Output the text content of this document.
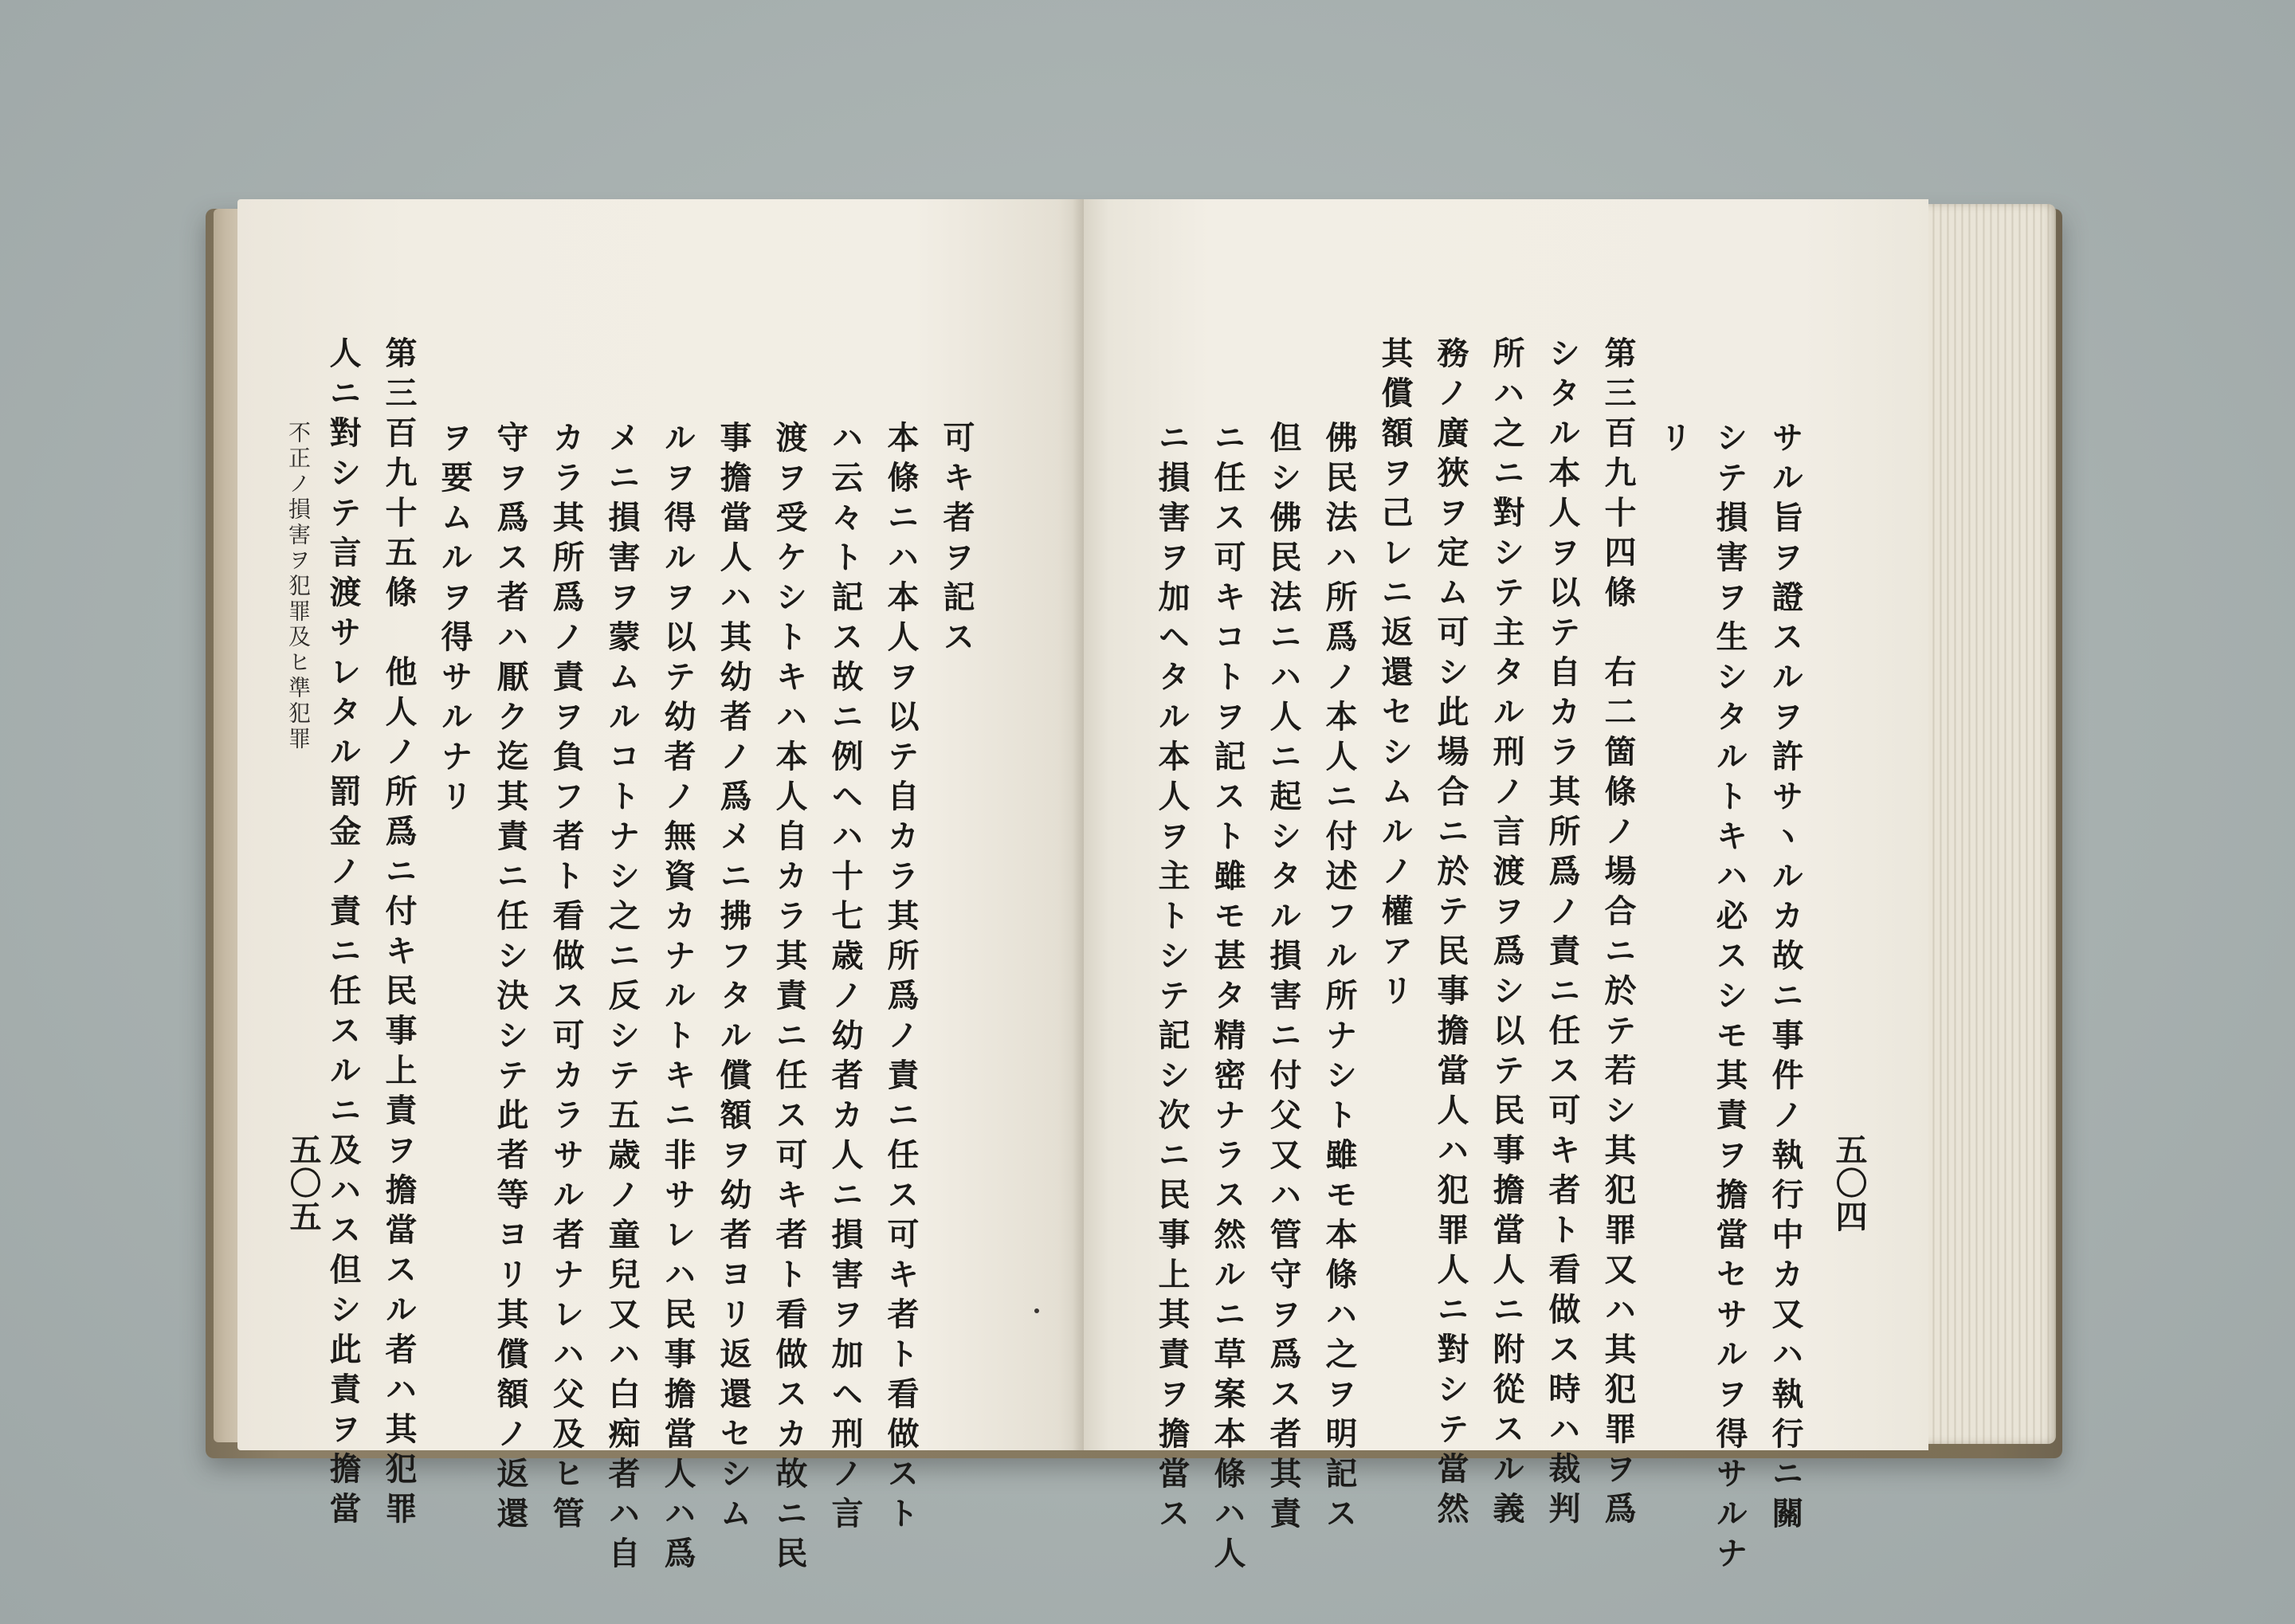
不正ノ損害ヲ犯罪及ヒ準犯罪
五〇五
可キ者ヲ記ス
本條ニハ本人ヲ以テ自カラ其所爲ノ責ニ任ス可キ者ト看做スト
ハ云々ト記ス故ニ例ヘハ十七歳ノ幼者カ人ニ損害ヲ加ヘ刑ノ言
渡ヲ受ケシトキハ本人自カラ其責ニ任ス可キ者ト看做スカ故ニ民
事擔當人ハ其幼者ノ爲メニ拂フタル償額ヲ幼者ヨリ返還セシム
ルヲ得ルヲ以テ幼者ノ無資カナルトキニ非サレハ民事擔當人ハ爲
メニ損害ヲ蒙ムルコトナシ之ニ反シテ五歳ノ童兒又ハ白痴者ハ自
カラ其所爲ノ責ヲ負フ者ト看做ス可カラサル者ナレハ父及ヒ管
守ヲ爲ス者ハ厭ク迄其責ニ任シ決シテ此者等ヨリ其償額ノ返還
ヲ要ムルヲ得サルナリ
第三百九十五條　他人ノ所爲ニ付キ民事上責ヲ擔當スル者ハ其犯罪
人ニ對シテ言渡サレタル罰金ノ責ニ任スルニ及ハス但シ此責ヲ擔當	五〇四
サル旨ヲ證スルヲ許サヽルカ故ニ事件ノ執行中カ又ハ執行ニ關
シテ損害ヲ生シタルトキハ必スシモ其責ヲ擔當セサルヲ得サルナ
リ
第三百九十四條　右二箇條ノ場合ニ於テ若シ其犯罪又ハ其犯罪ヲ爲
シタル本人ヲ以テ自カラ其所爲ノ責ニ任ス可キ者ト看做ス時ハ裁判
所ハ之ニ對シテ主タル刑ノ言渡ヲ爲シ以テ民事擔當人ニ附從スル義
務ノ廣狹ヲ定ム可シ此場合ニ於テ民事擔當人ハ犯罪人ニ對シテ當然
其償額ヲ己レニ返還セシムルノ權アリ
佛民法ハ所爲ノ本人ニ付述フル所ナシト雖モ本條ハ之ヲ明記ス
但シ佛民法ニハ人ニ起シタル損害ニ付父又ハ管守ヲ爲ス者其責
ニ任ス可キコトヲ記スト雖モ甚タ精密ナラス然ルニ草案本條ハ人
ニ損害ヲ加ヘタル本人ヲ主トシテ記シ次ニ民事上其責ヲ擔當ス
